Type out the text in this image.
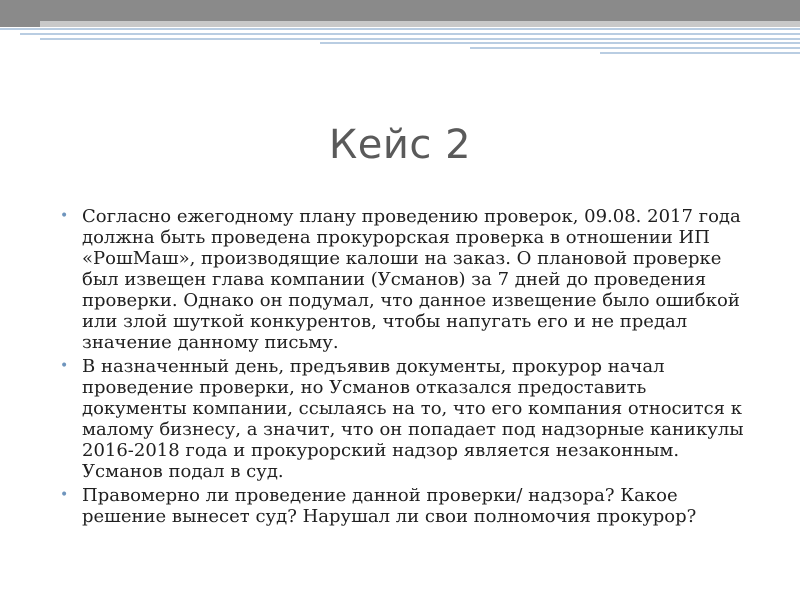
Кейс 2
• Согласно ежегодному плану проведению проверок, 09.08. 2017 года должна быть проведена прокурорская проверка в отношении ИП «РошМаш», производящие калоши на заказ. О плановой проверке был извещен глава компании (Усманов) за 7 дней до проведения проверки. Однако он подумал, что данное извещение было ошибкой или злой шуткой конкурентов, чтобы напугать его и не предал значение данному письму.
• В назначенный день, предъявив документы, прокурор начал проведение проверки, но Усманов отказался предоставить документы компании, ссылаясь на то, что его компания относится к малому бизнесу, а значит, что он попадает под надзорные каникулы 2016-2018 года и прокурорский надзор является незаконным. Усманов подал в суд.
• Правомерно ли проведение данной проверки/ надзора? Какое решение вынесет суд? Нарушал ли свои полномочия прокурор?
